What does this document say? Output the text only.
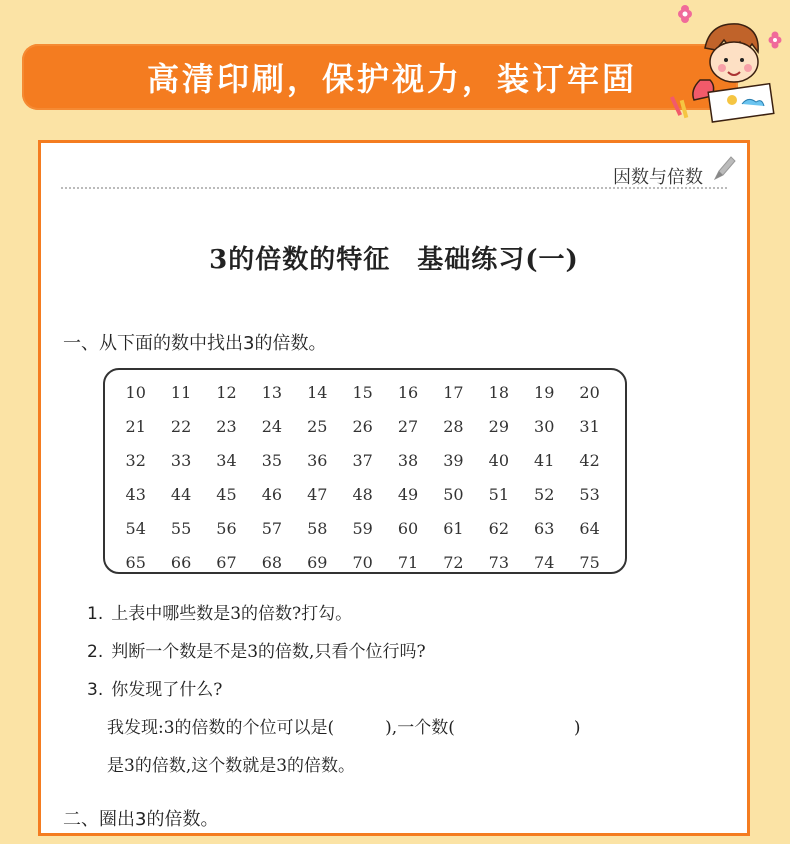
高清印刷，保护视力，装订牢固
因数与倍数
3的倍数的特征　基础练习(一)
一、从下面的数中找出3的倍数。
10	11	12	13	14	15	16	17	18	19	20
21	22	23	24	25	26	27	28	29	30	31
32	33	34	35	36	37	38	39	40	41	42
43	44	45	46	47	48	49	50	51	52	53
54	55	56	57	58	59	60	61	62	63	64
65	66	67	68	69	70	71	72	73	74	75
1. 上表中哪些数是3的倍数?打勾。
2. 判断一个数是不是3的倍数,只看个位行吗?
3. 你发现了什么?
我发现:3的倍数的个位可以是(　　　),一个数(　　　　　　　)
是3的倍数,这个数就是3的倍数。
二、圈出3的倍数。
